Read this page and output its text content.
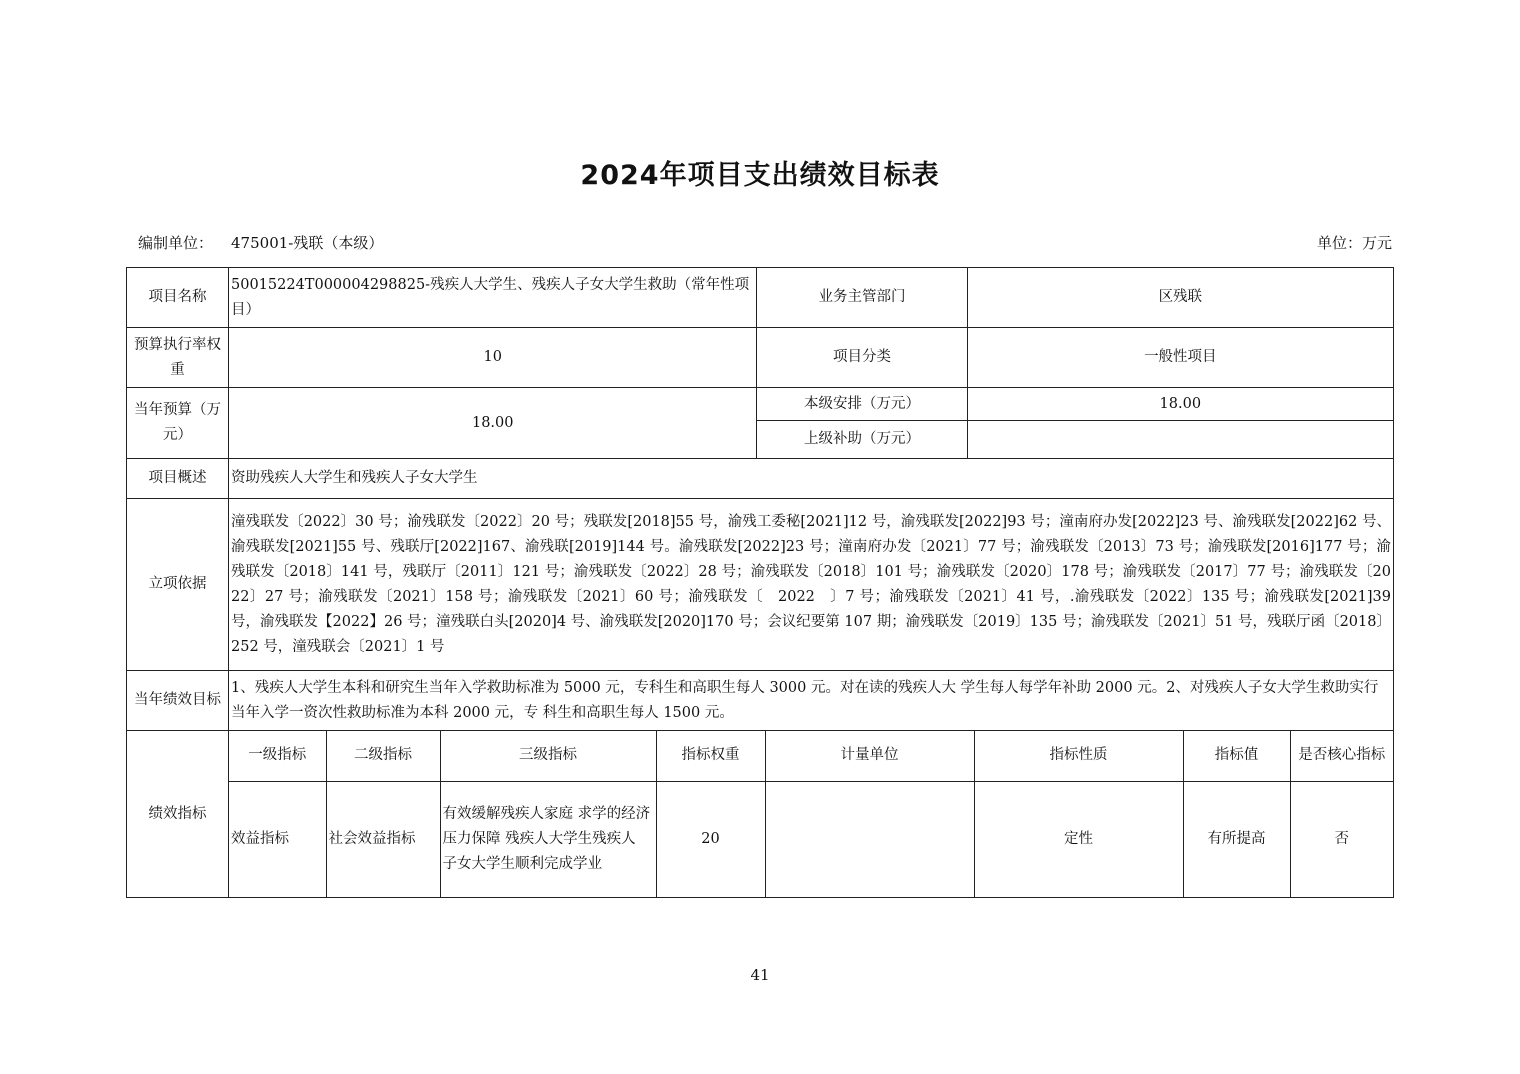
2024年项目支出绩效目标表
编制单位： 475001-残联（本级）	单位：万元
项目名称	50015224T000004298825-残疾人大学生、残疾人子女大学生救助（常年性项目）	业务主管部门	区残联
预算执行率权重	10	项目分类	一般性项目
当年预算（万元）	18.00	本级安排（万元）	18.00
上级补助（万元）	
项目概述	资助残疾人大学生和残疾人子女大学生
立项依据	潼残联发〔2022〕30 号；渝残联发〔2022〕20 号；残联发[2018]55 号，渝残工委秘[2021]12 号，渝残联发[2022]93 号；潼南府办发[2022]23 号、渝残联发[2022]62 号、渝残联发[2021]55 号、残联厅[2022]167、渝残联[2019]144 号。渝残联发[2022]23 号；潼南府办发〔2021〕77 号；渝残联发〔2013〕73 号；渝残联发[2016]177 号；渝残联发〔2018〕141 号，残联厅〔2011〕121 号；渝残联发〔2022〕28 号；渝残联发〔2018〕101 号；渝残联发〔2020〕178 号；渝残联发〔2017〕77 号；渝残联发〔2022〕27 号；渝残联发〔2021〕158 号；渝残联发〔2021〕60 号；渝残联发〔　2022　〕7 号；渝残联发〔2021〕41 号，.渝残联发〔2022〕135 号；渝残联发[2021]39 号，渝残联发【2022】26 号；潼残联白头[2020]4 号、渝残联发[2020]170 号；会议纪要第 107 期；渝残联发〔2019〕135 号；渝残联发〔2021〕51 号，残联厅函〔2018〕252 号，潼残联会〔2021〕1 号
当年绩效目标	1、残疾人大学生本科和研究生当年入学救助标准为 5000 元，专科生和高职生每人 3000 元。对在读的残疾人大 学生每人每学年补助 2000 元。2、对残疾人子女大学生救助实行当年入学一资次性救助标准为本科 2000 元，专 科生和高职生每人 1500 元。
绩效指标	
一级指标	二级指标	三级指标	指标权重	计量单位	指标性质	指标值	是否核心指标
效益指标	社会效益指标	有效缓解残疾人家庭 求学的经济压力保障 残疾人大学生残疾人 子女大学生顺利完成学业	20		定性	有所提高	否
41
